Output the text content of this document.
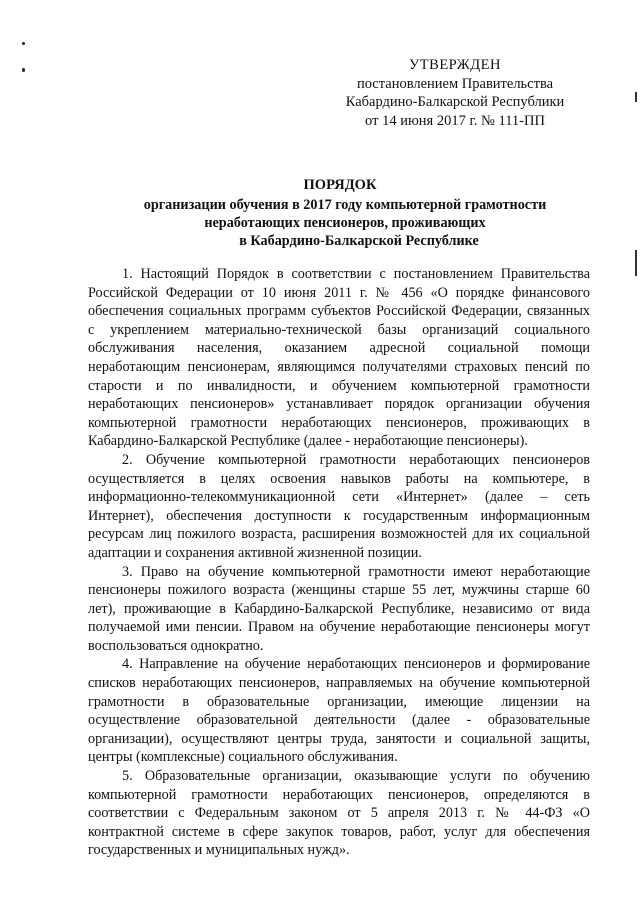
УТВЕРЖДЕН
постановлением Правительства
Кабардино-Балкарской Республики
от 14 июня 2017 г. № 111-ПП
ПОРЯДОК
организации обучения в 2017 году компьютерной грамотности
неработающих пенсионеров, проживающих
в Кабардино-Балкарской Республике

1. Настоящий Порядок в соответствии с постановлением Правительства Российской Федерации от 10 июня 2011 г. № 456 «О порядке финансового обеспечения социальных программ субъектов Российской Федерации, связанных с укреплением материально-технической базы организаций социального обслуживания населения, оказанием адресной социальной помощи неработающим пенсионерам, являющимся получателями страховых пенсий по старости и по инвалидности, и обучением компьютерной грамотности неработающих пенсионеров» устанавливает порядок организации обучения компьютерной грамотности неработающих пенсионеров, проживающих в Кабардино-Балкарской Республике (далее - неработающие пенсионеры).

2. Обучение компьютерной грамотности неработающих пенсионеров осуществляется в целях освоения навыков работы на компьютере, в информационно-телекоммуникационной сети «Интернет» (далее – сеть Интернет), обеспечения доступности к государственным информационным ресурсам лиц пожилого возраста, расширения возможностей для их социальной адаптации и сохранения активной жизненной позиции.

3. Право на обучение компьютерной грамотности имеют неработающие пенсионеры пожилого возраста (женщины старше 55 лет, мужчины старше 60 лет), проживающие в Кабардино-Балкарской Республике, независимо от вида получаемой ими пенсии. Правом на обучение неработающие пенсионеры могут воспользоваться однократно.

4. Направление на обучение неработающих пенсионеров и формирование списков неработающих пенсионеров, направляемых на обучение компьютерной грамотности в образовательные организации, имеющие лицензии на осуществление образовательной деятельности (далее - образовательные организации), осуществляют центры труда, занятости и социальной защиты, центры (комплексные) социального обслуживания.

5. Образовательные организации, оказывающие услуги по обучению компьютерной грамотности неработающих пенсионеров, определяются в соответствии с Федеральным законом от 5 апреля 2013 г. № 44-ФЗ «О контрактной системе в сфере закупок товаров, работ, услуг для обеспечения государственных и муниципальных нужд».
